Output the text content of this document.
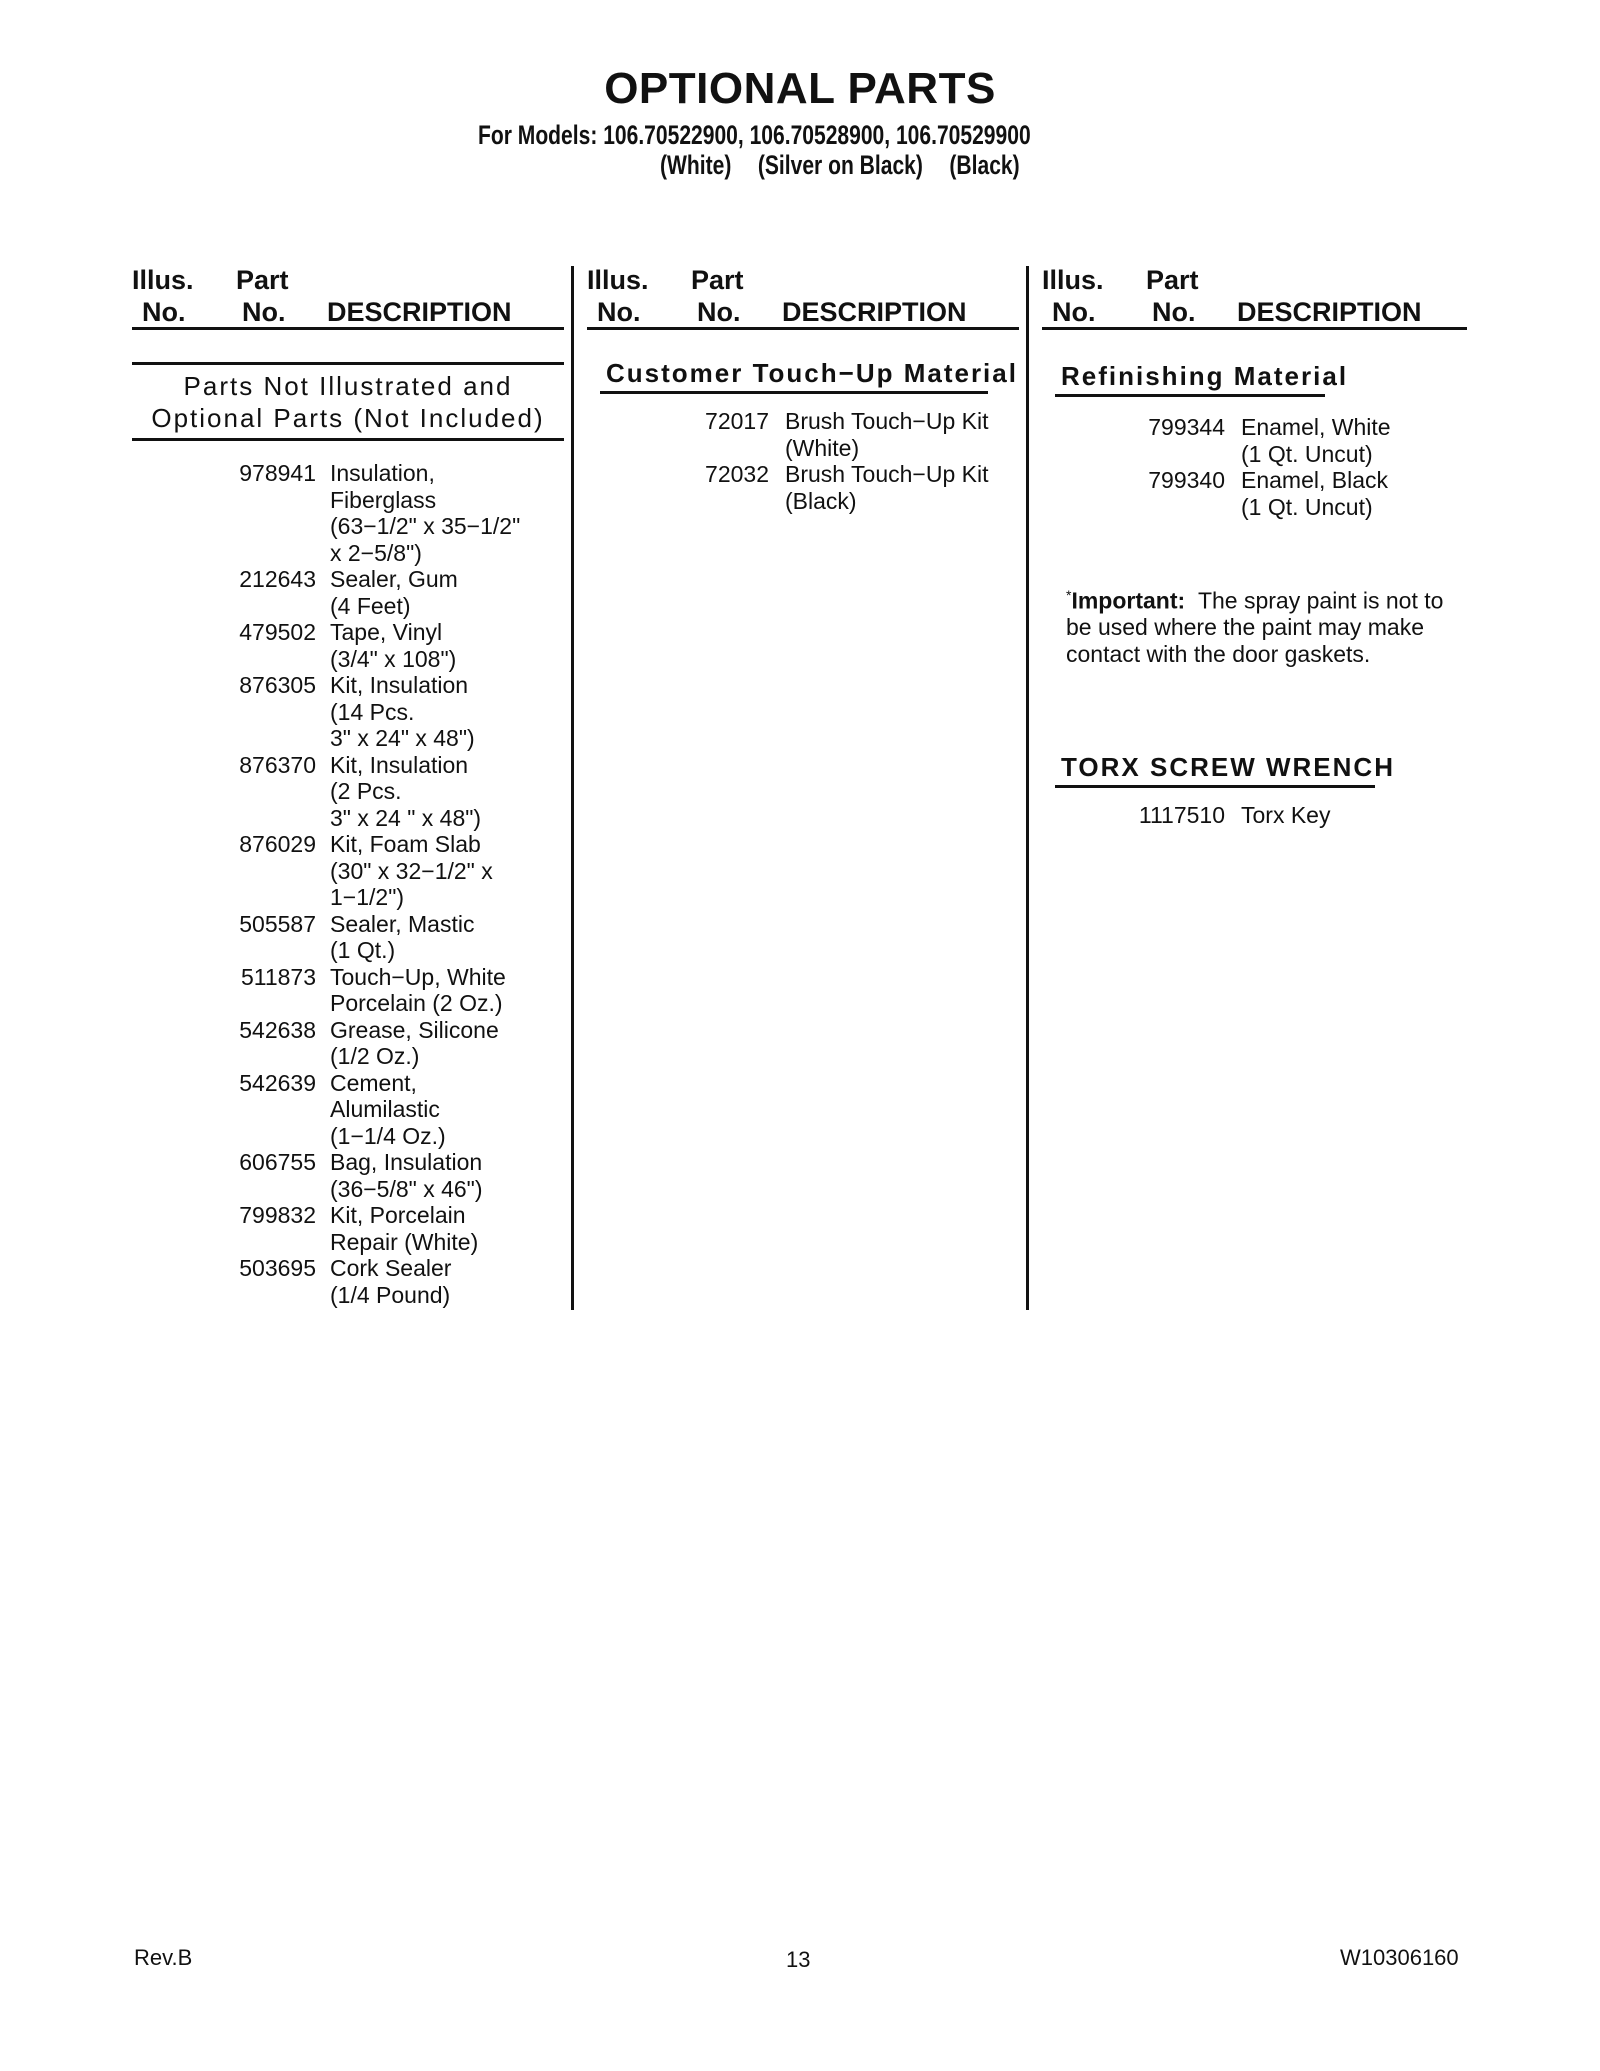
OPTIONAL PARTS
For Models: 106.70522900, 106.70528900, 106.70529900
(White) (Silver on Black) (Black)
Illus.
No.
Part
No. DESCRIPTION
Illus.
No.
Part
No. DESCRIPTION
Illus.
No.
Part
No. DESCRIPTION
Parts Not Illustrated and
Optional Parts (Not Included)
978941 Insulation,
Fiberglass
(63−1/2" x 35−1/2"
x 2−5/8")
212643 Sealer, Gum
(4 Feet)
479502 Tape, Vinyl
(3/4" x 108")
876305 Kit, Insulation
(14 Pcs.
3" x 24" x 48")
876370 Kit, Insulation
(2 Pcs.
3" x 24 " x 48")
876029 Kit, Foam Slab
(30" x 32−1/2" x
1−1/2")
505587 Sealer, Mastic
(1 Qt.)
511873 Touch−Up, White
Porcelain (2 Oz.)
542638 Grease, Silicone
(1/2 Oz.)
542639 Cement,
Alumilastic
(1−1/4 Oz.)
606755 Bag, Insulation
(36−5/8" x 46")
799832 Kit, Porcelain
Repair (White)
503695 Cork Sealer
(1/4 Pound)
Customer Touch−Up Material
72017 Brush Touch−Up Kit
(White)
72032 Brush Touch−Up Kit
(Black)
Refinishing Material
799344 Enamel, White
(1 Qt. Uncut)
799340 Enamel, Black
(1 Qt. Uncut)
*Important: The spray paint is not to be used where the paint may make contact with the door gaskets.
TORX SCREW WRENCH
1117510 Torx Key
Rev.B	13	W10306160
